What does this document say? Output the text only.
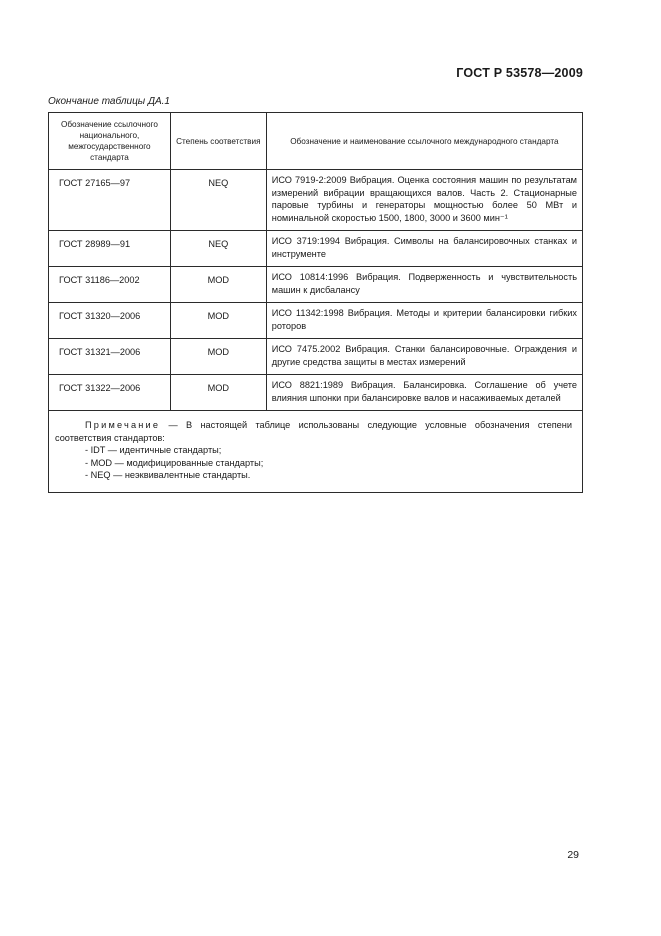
ГОСТ Р 53578—2009
Окончание таблицы ДА.1
Обозначение ссылочного национального, межгосударственного стандарта	Степень соответствия	Обозначение и наименование ссылочного международного стандарта
ГОСТ 27165—97	NEQ	ИСО 7919-2:2009 Вибрация. Оценка состояния машин по результатам измерений вибрации вращающихся валов. Часть 2. Стационарные паровые турбины и генераторы мощностью более 50 МВт и номинальной скоростью 1500, 1800, 3000 и 3600 мин⁻¹
ГОСТ 28989—91	NEQ	ИСО 3719:1994 Вибрация. Символы на балансировочных станках и инструменте
ГОСТ 31186—2002	MOD	ИСО 10814:1996 Вибрация. Подверженность и чувствительность машин к дисбалансу
ГОСТ 31320—2006	MOD	ИСО 11342:1998 Вибрация. Методы и критерии балансировки гибких роторов
ГОСТ 31321—2006	MOD	ИСО 7475.2002 Вибрация. Станки балансировочные. Ограждения и другие средства защиты в местах измерений
ГОСТ 31322—2006	MOD	ИСО 8821:1989 Вибрация. Балансировка. Соглашение об учете влияния шпонки при балансировке валов и насаживаемых деталей

Примечание — В настоящей таблице использованы следующие условные обозначения степени соответствия стандартов:
- IDT — идентичные стандарты;
- MOD — модифицированные стандарты;
- NEQ — неэквивалентные стандарты.		
29
